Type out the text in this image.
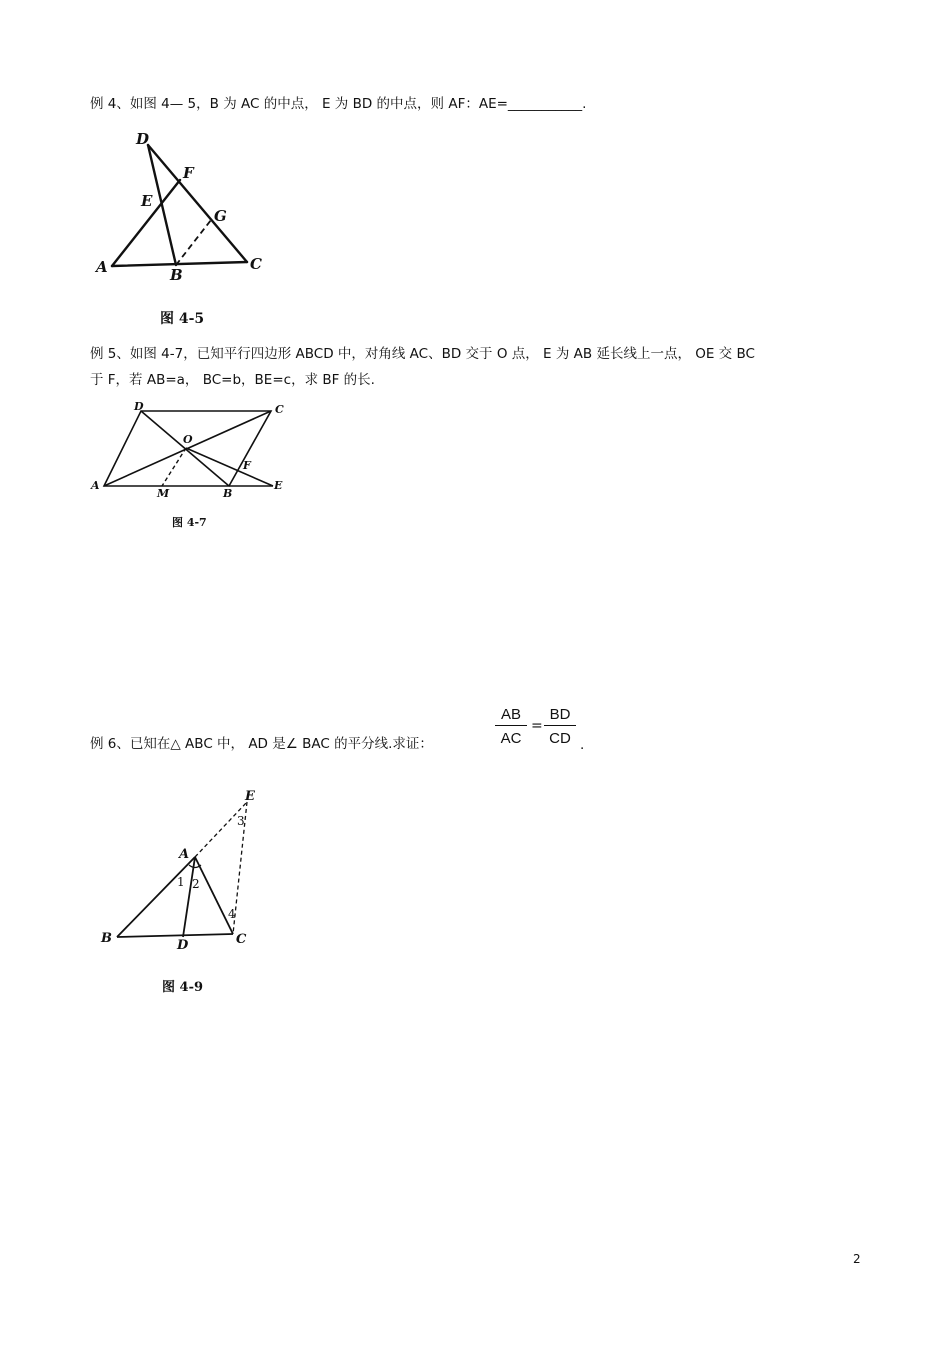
例 4、如图 4— 5，B 为 AC 的中点， E 为 BD 的中点，则 AF：AE=___________.
D
F
E
G
A	B
C
图 4-5
例 5、如图 4-7，已知平行四边形 ABCD 中，对角线 AC、BD 交于 O 点， E 为 AB 延长线上一点， OE 交 BC
于 F，若 AB=a， BC=b，BE=c，求 BF 的长.
D	C
O
F
A
M	B
E
图 4-7
例 6、已知在△ ABC 中， AD 是∠ BAC 的平分线.求证：	$\frac{AB}{AC} = \frac{BD}{CD}$ .
E
A
B	D	C
1 2
3
4
图 4-9
2
